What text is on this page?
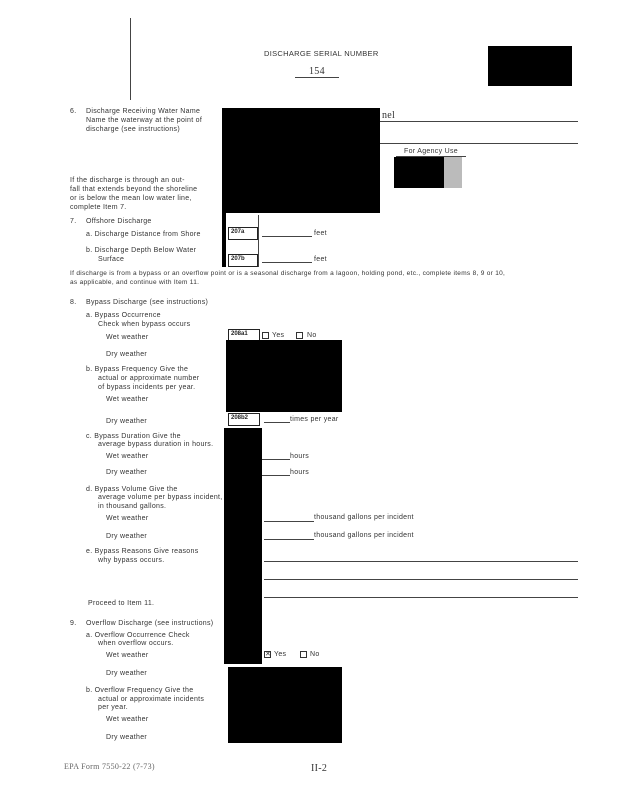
DISCHARGE SERIAL NUMBER
154
6. Discharge Receiving Water Name
Name the waterway at the point of
discharge (see instructions)
nel
For Agency Use
If the discharge is through an out-
fall that extends beyond the shoreline
or is below the mean low water line,
complete Item 7.
7. Offshore Discharge
a. Discharge Distance from Shore	207a	feet
b. Discharge Depth Below Water
Surface	207b	feet
If discharge is from a bypass or an overflow point or is a seasonal discharge from a lagoon, holding pond, etc., complete items 8, 9 or 10,
as applicable, and continue with Item 11.
8. Bypass Discharge (see instructions)
a. Bypass Occurrence
Check when bypass occurs
Wet weather	208a1	Yes	No
Dry weather
b. Bypass Frequency Give the
actual or approximate number
of bypass incidents per year.
Wet weather
Dry weather	208b2	times per year
c. Bypass Duration Give the
average bypass duration in hours.
Wet weather	hours
Dry weather	hours
d. Bypass Volume Give the
average volume per bypass incident,
in thousand gallons.
Wet weather	thousand gallons per incident
Dry weather	thousand gallons per incident
e. Bypass Reasons Give reasons
why bypass occurs.
Proceed to Item 11.
9. Overflow Discharge (see instructions)
a. Overflow Occurrence Check
when overflow occurs.
Wet weather	✕ Yes	No
Dry weather
b. Overflow Frequency Give the
actual or approximate incidents
per year.
Wet weather
Dry weather
EPA Form 7550-22 (7-73)	II-2
